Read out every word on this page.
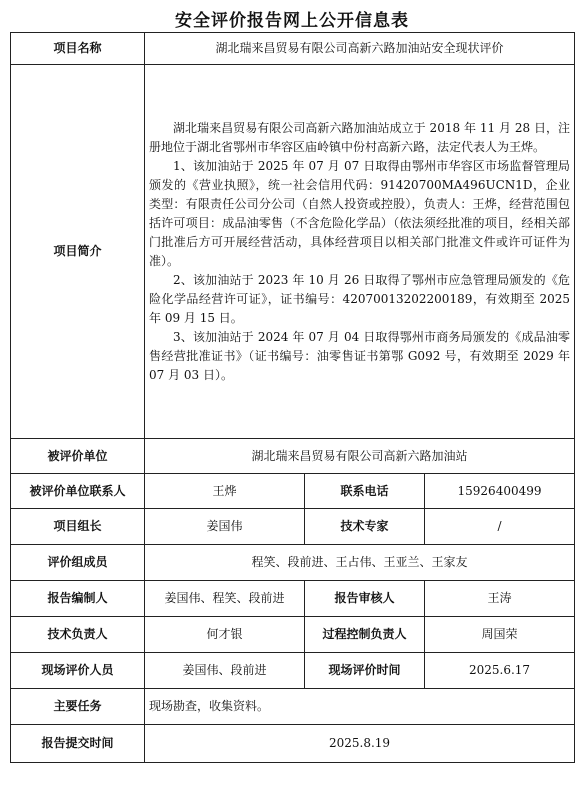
安全评价报告网上公开信息表
项目名称	湖北瑞来昌贸易有限公司高新六路加油站安全现状评价		
项目简介	湖北瑞来昌贸易有限公司高新六路加油站成立于 2018 年 11 月 28 日，注册地位于湖北省鄂州市华容区庙岭镇中份村高新六路，法定代表人为王烨。

1、该加油站于 2025 年 07 月 07 日取得由鄂州市华容区市场监督管理局颁发的《营业执照》，统一社会信用代码：91420700MA496UCN1D，企业类型：有限责任公司分公司（自然人投资或控股），负责人：王烨，经营范围包括许可项目：成品油零售（不含危险化学品）（依法须经批准的项目，经相关部门批准后方可开展经营活动，具体经营项目以相关部门批准文件或许可证件为准）。

2、该加油站于 2023 年 10 月 26 日取得了鄂州市应急管理局颁发的《危险化学品经营许可证》，证书编号：42070013202200189，有效期至 2025 年 09 月 15 日。

3、该加油站于 2024 年 07 月 04 日取得鄂州市商务局颁发的《成品油零售经营批准证书》（证书编号：油零售证书第鄂 G092 号，有效期至 2029 年 07 月 03 日）。		

被评价单位	湖北瑞来昌贸易有限公司高新六路加油站		
被评价单位联系人	王烨	联系电话	15926400499
项目组长	姜国伟	技术专家	/
评价组成员	程笑、段前进、王占伟、王亚兰、王家友		
报告编制人	姜国伟、程笑、段前进	报告审核人	王涛
技术负责人	何才银	过程控制负责人	周国荣
现场评价人员	姜国伟、段前进	现场评价时间	2025.6.17
主要任务	现场勘查，收集资料。		
报告提交时间	2025.8.19		
